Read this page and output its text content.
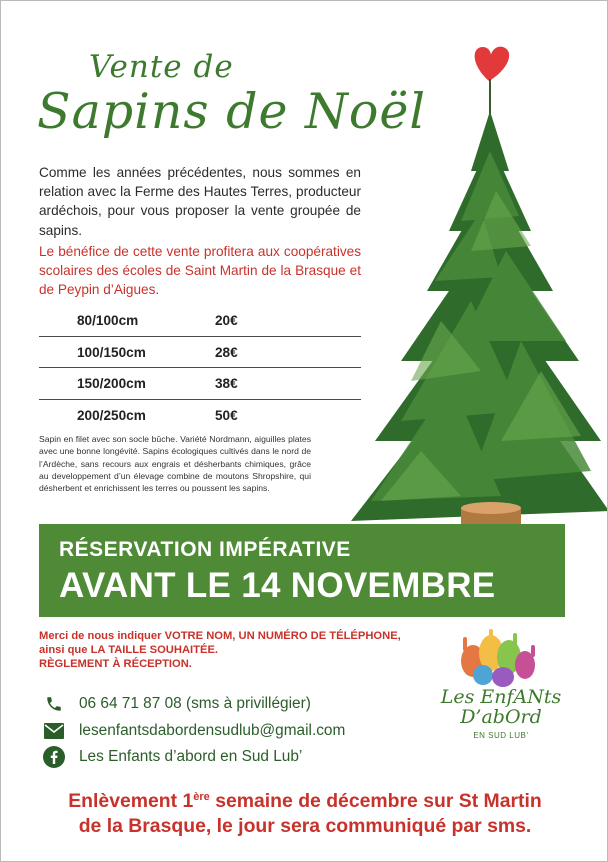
Vente de
Sapins de Noël

Comme les années précédentes, nous sommes en relation avec la Ferme des Hautes Terres, producteur ardéchois, pour vous proposer la vente groupée de sapins.

Le bénéfice de cette vente profitera aux coopératives scolaires des écoles de Saint Martin de la Brasque et de Peypin d’Aigues.

80/100cm	20€
100/150cm	28€
150/200cm	38€
200/250cm	50€

Sapin en filet avec son socle bûche. Variété Nordmann, aiguilles plates avec une bonne longévité. Sapins écologiques cultivés dans le nord de l’Ardèche, sans recours aux engrais et désherbants chimiques, grâce au developpement d’un élevage combine de moutons Shropshire, qui désherbent et enrichissent les terres ou poussent les sapins.

RÉSERVATION IMPÉRATIVE
AVANT LE 14 NOVEMBRE
Merci de nous indiquer VOTRE NOM, UN NUMÉRO DE TÉLÉPHONE,
ainsi que LA TAILLE SOUHAITÉE.
RÈGLEMENT À RÉCEPTION.
06 64 71 87 08 (sms à privillégier)
lesenfantsdabordensudlub@gmail.com
Les Enfants d’abord en Sud Lub’
Les EnfANts
D’abOrd
EN SUD LUB’
Enlèvement 1ère semaine de décembre sur St Martin
de la Brasque, le jour sera communiqué par sms.
